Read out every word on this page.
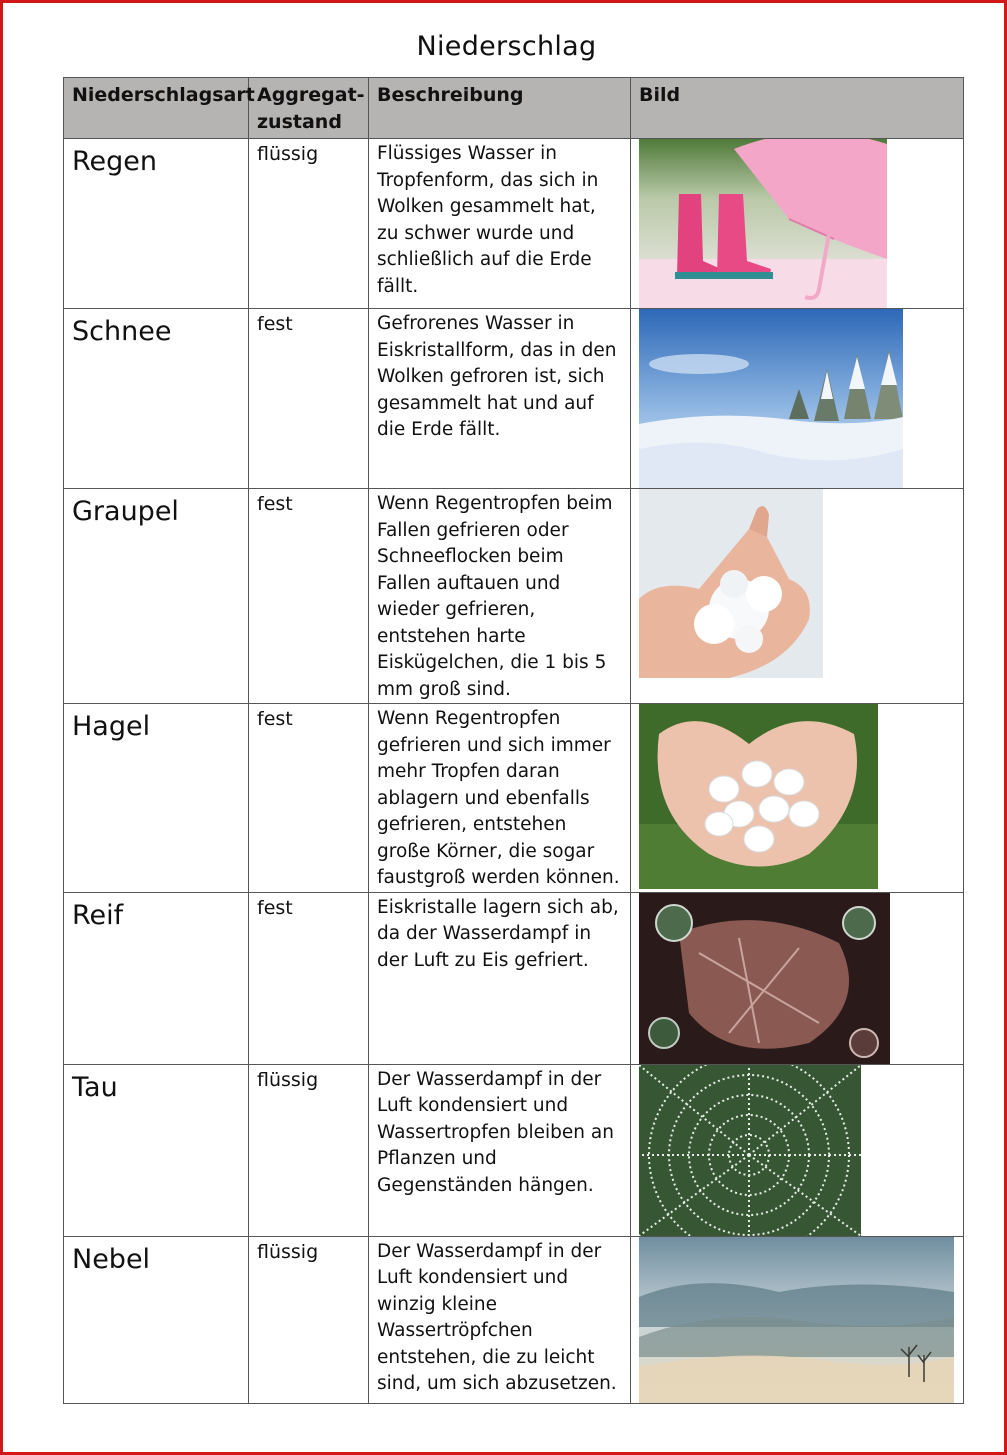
Niederschlag
Niederschlagsart	Aggregat-zustand	Beschreibung	Bild
Regen	flüssig	Flüssiges Wasser in Tropfenform, das sich in Wolken gesammelt hat, zu schwer wurde und schließlich auf die Erde fällt.	

Schnee	fest	Gefrorenes Wasser in Eiskristallform, das in den Wolken gefroren ist, sich gesammelt hat und auf die Erde fällt.	

Graupel	fest	Wenn Regentropfen beim Fallen gefrieren oder Schneeflocken beim Fallen auftauen und wieder gefrieren, entstehen harte Eiskügelchen, die 1 bis 5 mm groß sind.	

Hagel	fest	Wenn Regentropfen gefrieren und sich immer mehr Tropfen daran ablagern und ebenfalls gefrieren, entstehen große Körner, die sogar faustgroß werden können.	

Reif	fest	Eiskristalle lagern sich ab, da der Wasserdampf in der Luft zu Eis gefriert.	

Tau	flüssig	Der Wasserdampf in der Luft kondensiert und Wassertropfen bleiben an Pflanzen und Gegenständen hängen.	

Nebel	flüssig	Der Wasserdampf in der Luft kondensiert und winzig kleine Wassertröpfchen entstehen, die zu leicht sind, um sich abzusetzen.	
